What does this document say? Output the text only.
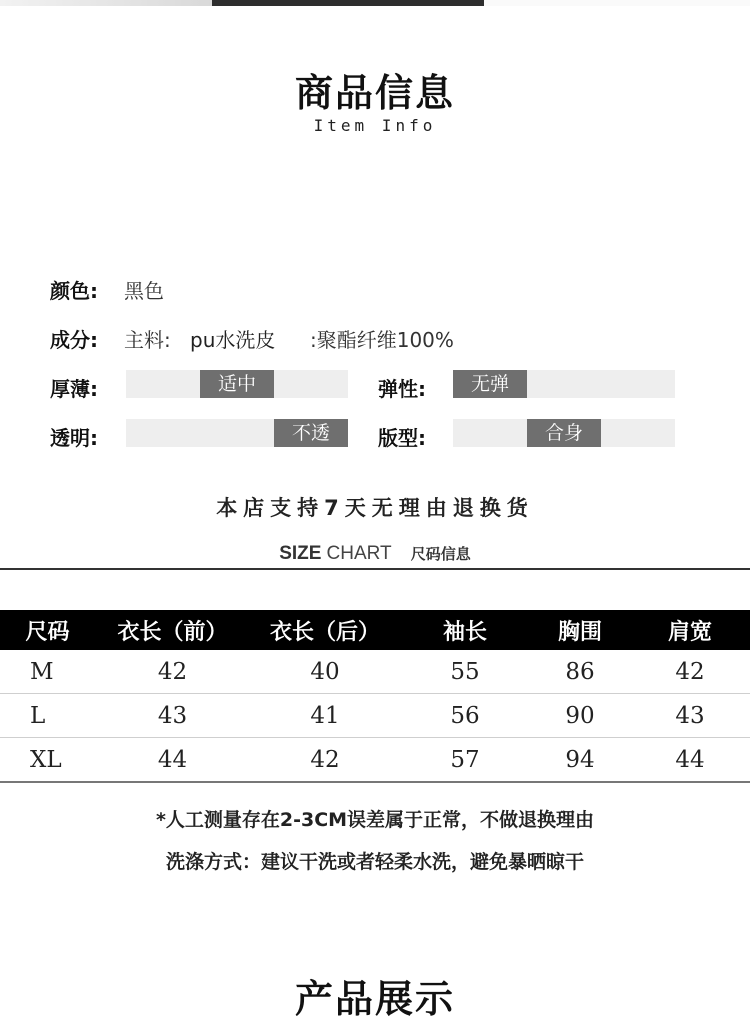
商品信息
Item Info
颜色: 黑色
成分: 主料: pu水洗皮 :聚酯纤维100%
厚薄:	适中	弹性:	无弹
透明:	不透	版型:	合身
本店支持7天无理由退换货
SIZE CHART 尺码信息
尺码	衣长（前）	衣长（后）	袖长	胸围	肩宽
M	42	40	55	86	42
L	43	41	56	90	43
XL	44	42	57	94	44
*人工测量存在2-3CM误差属于正常，不做退换理由
洗涤方式：建议干洗或者轻柔水洗，避免暴晒晾干
产品展示
